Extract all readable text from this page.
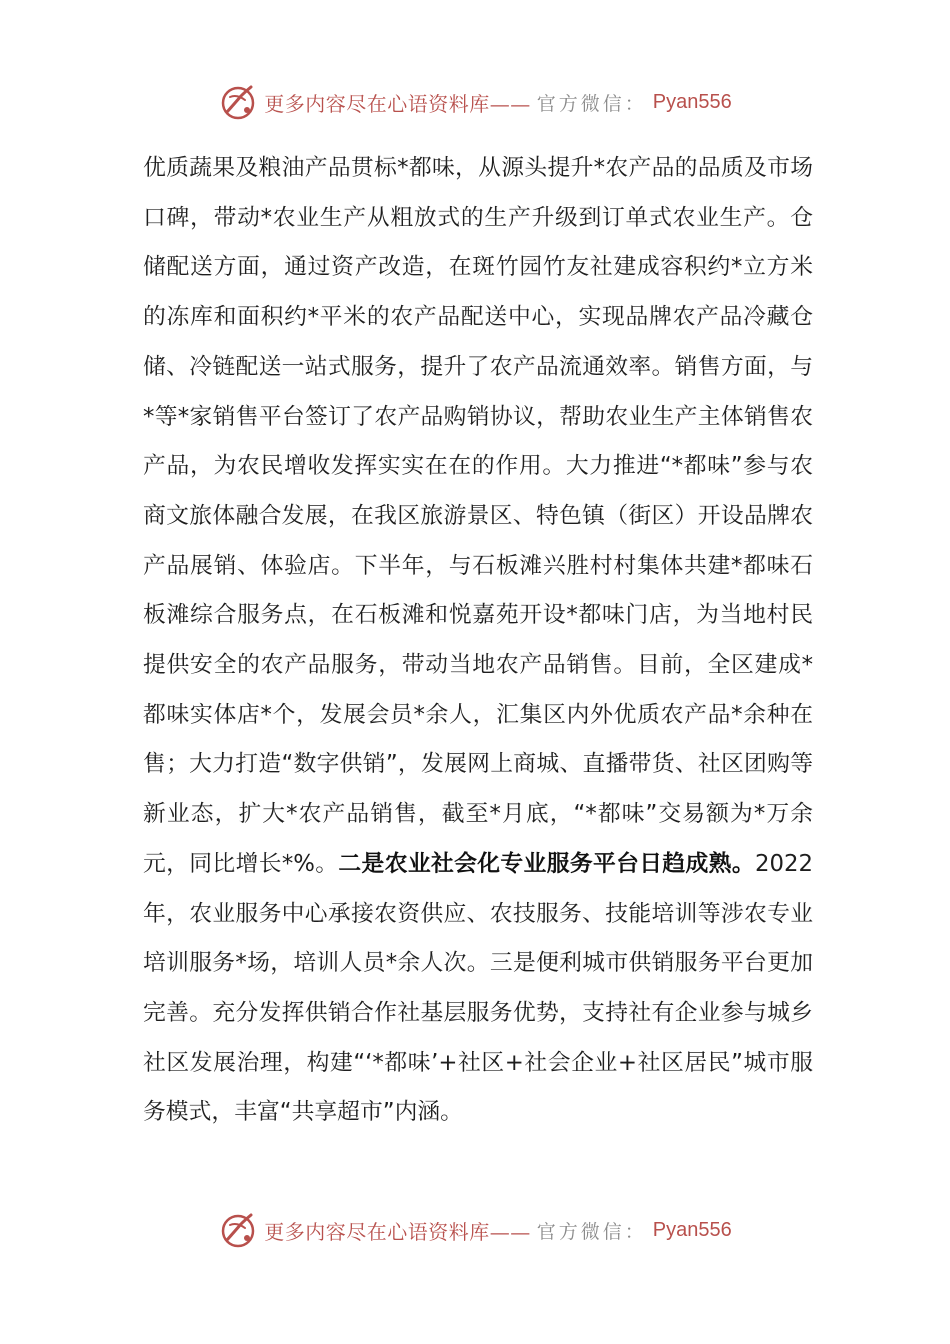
更多内容尽在心语资料库—— 官方微信： Pyan556

优质蔬果及粮油产品贯标*都味，从源头提升*农产品的品质及市场口碑，带动*农业生产从粗放式的生产升级到订单式农业生产。仓储配送方面，通过资产改造，在斑竹园竹友社建成容积约*立方米的冻库和面积约*平米的农产品配送中心，实现品牌农产品冷藏仓储、冷链配送一站式服务，提升了农产品流通效率。销售方面，与*等*家销售平台签订了农产品购销协议，帮助农业生产主体销售农产品，为农民增收发挥实实在在的作用。大力推进“*都味”参与农商文旅体融合发展，在我区旅游景区、特色镇（街区）开设品牌农产品展销、体验店。下半年，与石板滩兴胜村村集体共建*都味石板滩综合服务点，在石板滩和悦嘉苑开设*都味门店，为当地村民提供安全的农产品服务，带动当地农产品销售。目前，全区建成*都味实体店*个，发展会员*余人，汇集区内外优质农产品*余种在售；大力打造“数字供销”，发展网上商城、直播带货、社区团购等新业态，扩大*农产品销售，截至*月底，“*都味”交易额为*万余元，同比增长*%。二是农业社会化专业服务平台日趋成熟。2022 年，农业服务中心承接农资供应、农技服务、技能培训等涉农专业培训服务*场，培训人员*余人次。三是便利城市供销服务平台更加完善。充分发挥供销合作社基层服务优势，支持社有企业参与城乡社区发展治理，构建“‘*都味’+社区+社会企业+社区居民”城市服务模式，丰富“共享超市”内涵。

更多内容尽在心语资料库—— 官方微信： Pyan556
